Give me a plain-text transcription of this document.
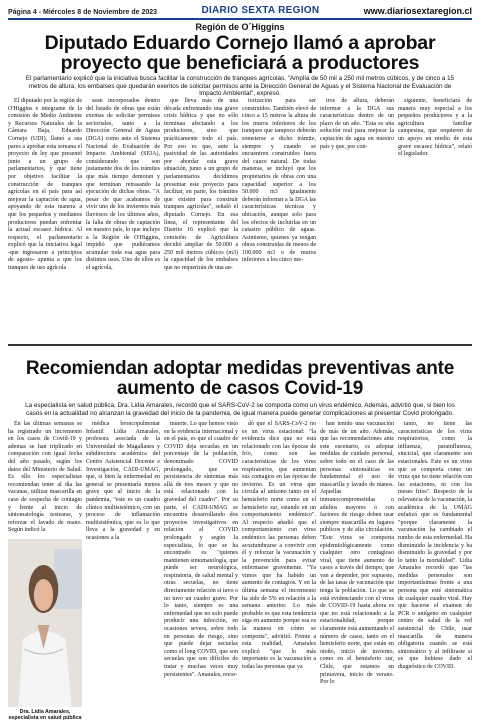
Página 4 - Miércoles 8 de Noviembre de 2023	DIARIO SEXTA REGION	www.diariosextaregion.cl
Región de O´Higgins
Diputado Eduardo Cornejo llamó a aprobar proyecto que beneficiará a productores
El parlamentario explicó que la iniciativa busca facilitar la construcción de tranques agrícolas. "Amplía de 50 mil a 250 mil metros cúbicos, y de cinco a 15 metros de altura, los embalses que quedarán exentos de solicitar permisos ante la Dirección General de Aguas y el Sistema Nacional de Evaluación de Impacto Ambiental", expresó.

El diputado por la región de O'Higgins e integrante de la comisión de Medio Ambiente y Recursos Naturales de la Cámara Baja, Eduardo Cornejo (UDI), llamó a sus pares a aprobar esta semana el proyecto de ley que presentó junto a un grupo de parlamentarios, y que tiene por objetivo facilitar la construcción de tranques agrícolas en el país para así mejorar la captación de agua, apoyando de esta manera a que los pequeños y medianos productores puedan enfrentar la actual escasez hídrica. Al respecto, el parlamentario explicó que la iniciativa legal -que ingresaron a principios de agosto- apunta a que los tranques de uso agrícola

sean incorporados dentro del listado de obras que están exentas de solicitar permisos sectoriales, tanto a la Dirección General de Aguas (DGA) como ante el Sistema Nacional de Evaluación de Impacto Ambiental (SEIA), considerando que son justamente dos de los trámites que más tiempo demoran y que terminan retrasando la ejecución de dichas obras. "A pesar de que acabamos de vivir uno de los inviernos más lluviosos de los últimos años, la falta de obras de captación en nuestro país, lo que incluye a la Región de O'Higgins, impidió que pudiéramos acumular toda esa agua para distintos usos. Uno de ellos es el agrícola,

que lleva más de una década enfrentando una grave crisis hídrica y que no sólo terminaa afectando a los productores, sino que prácticamente todo el país. Por eso es que, ante la pasividad de las autoridades por abordar esta grave situación, junto a un grupo de parlamentarios decidimos presentar este proyecto para facilitar, en parte, los trámites que existen para construir tranques agrícolas", señaló el diputado Cornejo. En esa línea, el representante del Distrito 16 explicó que la comisión de Agricultura decidió ampliar de 50.000 a 250 mil metros cúbicos (m3) la capacidad de los embalses que no requerirán de una au-

torización para ser construidos. También elevó de cinco a 15 metros la altura de los muros inferiores de los tranques que tampoco deberán someterse a dicho trámite, siempre y cuando se encuentren construidos fuera del cauce natural. De todas maneras, se incluyó que los propietarios de obras con una capacidad superior a los 50.000 m3 igualmente deberán informar a la DGA las características técnicas y ubicación, aunque solo para los efectos de incluirlas en un catastro público de aguas. Asimismo, quienes ya tengan obras construidas de menos de 100.000 m3 o de muros inferiores a los cinco me-

tros de altura, deberán informar a la DGA sus características dentro de un plazo de un año. "Esta es una solución real para mejorar la captación de agua en nuestro país y que, por con-

siguiente, beneficiará de manera muy especial a los pequeños productores y a la agricultura familiar campesina, que requieren de un apoyo en medio de esta grave escasez hídrica", relató el legislador.

Recomiendan adoptar medidas preventivas ante aumento de casos Covid-19
La especialista en salud pública, Dra. Lidia Amarales, recordó que el SARS-CoV-2 se comporta como un virus endémico. Además, advirtió que, si bien los casos en la actualidad no alcanzan la gravedad del inicio de la pandemia, de igual manera puede generar complicaciones al presentar Covid prolongado.

En las últimas semanas se ha registrado un incremento en los casos de Covid-19 y ademas se han triplicado en comparación con igual fecha del año pasado, según los datos del Ministerio de Salud. Es ello los especialistas recomiendan tener al día las vacunas, utilizar mascarilla en caso de sospecha de contagio y frente al inicio de sintomatología testearse, y reforzar el lavado de mano. Según indicó la

Dra. Lidia Amarales, especialista en salud pública

médica broncopulmonar Infantil Lidia Amarales, profesora asociada de la Universidad de Magallanes y subdirectora académica del Centro Asistencial Docente e Investigación, CADI-UMAG, que, si bien la enfermedad en general se presentaría menos grave que al inicio de la pandemia, "este es un cuadro clínico multisistémico, con un proceso de inflamación multisistémica, que es lo que lleva a la gravedad y en ocasiones a la

muerte. Lo que hemos visto en la evidencia internacional y en el país, es que el cuadro de COVID deja secuelas en un porcentaje de la población, denominado COVID prolongado, que es persistencia de síntomas más allá de tres meses y que no está relacionado con la gravedad del cuadro". Por su parte, el CADI-UMAG se encuentra desarrollando dos proyectos investigativos en relación al COVID prolongado y según la especialista, lo que se ha encontrado es "quienes mantienen sintomatología, que puede ser neurológica, respiratoria, de salud mental y otras secuelas, no tiene directamente relación si tuvo o no tuvo un cuadro grave. Por lo tanto, siempre es una enfermedad que no solo puede producir una infección, en ocasiones severa, sobre todo en personas de riesgo, sino que puede dejar secuelas como el long COVID, que son secuelas que son difíciles de tratar y muchas veces muy persistentes". Amarales, recor-

dó que el SARS-CoV-2 no es un virus estacional: "la evidencia dice que no está relacionado con las épocas de frío, como son las características de los virus respiratorios, que aumentan sus contagios en las épocas de invierno. Es un virus que circula al unísono tanto en el hemisferio norte como en el hemisferio sur, estando en un comportamiento endémico". Al respecto añadió que el comportamiento con virus endémico las personas deben acostumbrarse a convivir con él y reforzar la vacunación y la prevención para evitar enfermarse gravemente. "Ya vimos que ha habido un aumento de contagios. Y en la última semana el incremento ha sido de 5% en relación a la semana anterior. Lo más probable es que esta tendencia siga en aumento porque esa es la manera en cómo se comporta", advirtió. Frente a esta realidad, Amarales explicó "que lo más importante es la vacunación a todas las personas que ya

han tenido una vacunación de más de un año. Además, que las recomendaciones ante este escenario, es adoptar medidas de cuidado personal, sobre todo en el caso de las personas sintomáticas es fundamental el uso de mascarilla y lavado de manos. Aquellas inmunocomprometidas o adultos mayores o con factores de riesgo deben usar siempre mascarilla en lugares públicos y de alta circulación. "Este virus se comporta epidemiológicamente como cualquier otro contagioso viral, que tiene aumento de casos a través del tiempo, que van a depender, por supuesto, de las tasas de vacunación que tenga la población. Lo que se está evidenciando con el virus de COVID-19 hasta ahora es que no está relacionado a la estacionalidad, porque claramente está aumentando el número de casos, tanto en el hemisferio norte, que están en otoño, inicio de invierno, como en el hemisferio sur, Chile, que estamos en primavera, inicio de verano. Por lo

tanto, no tiene las características de los virus respiratorios, como la influenza, parainfluenza, sincicial, que claramente son estacionales. Este es un virus que se comporta como un virus que no tiene relación con las estaciones, ni con los meses fríos". Respecto de la relevancia de la vacunación, la académica de la UMAG enfatizó que es fundamental "porque claramente la vacunación ha cambiado el rumbo de esta enfermedad. Ha disminuido la incidencia y ha disminuido la gravedad y por lo tanto la mortalidad". Lidia Amarales recordó que "las medidas personales son importantísimas frente a una persona que esté sintomática de cualquier cuadro viral. Hay que hacerse el examen de PCR o antígeno en cualquier centro de salud de la red asistencial de Chile, usar mascarilla de manera obligatoria cuando se está sintomático y al infiltraste si es que hubiese dado el diagnóstico de COVID.
